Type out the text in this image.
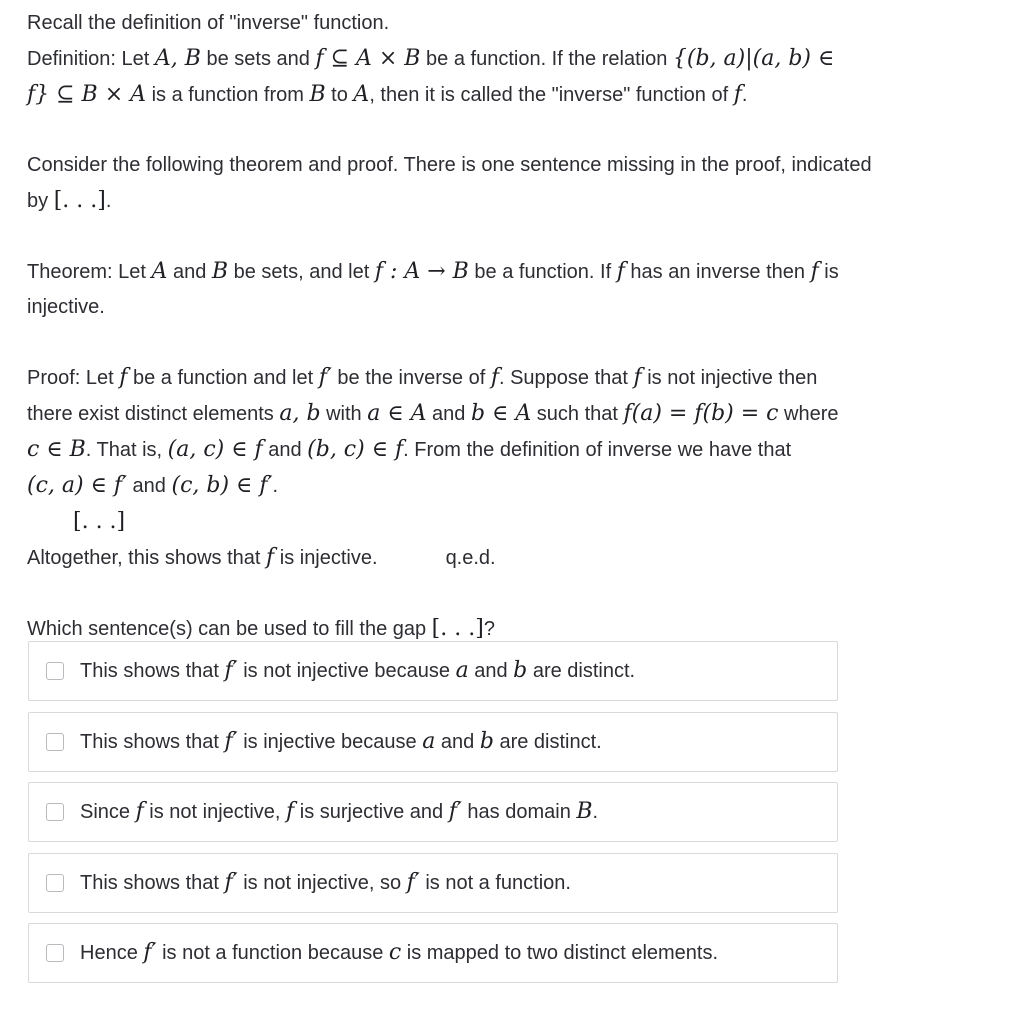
Recall the definition of "inverse" function.

Definition: Let A, B be sets and f ⊆ A × B be a function. If the relation {(b, a)|(a, b) ∈

f} ⊆ B × A is a function from B to A, then it is called the "inverse" function of f.

Consider the following theorem and proof. There is one sentence missing in the proof, indicated

by [. . .].

Theorem: Let A and B be sets, and let f : A → B be a function. If f has an inverse then f is

injective.

Proof: Let f be a function and let f′ be the inverse of f. Suppose that f is not injective then

there exist distinct elements a, b with a ∈ A and b ∈ A such that f(a) = f(b) = c where

c ∈ B. That is, (a, c) ∈ f and (b, c) ∈ f. From the definition of inverse we have that

(c, a) ∈ f′ and (c, b) ∈ f′.

[. . .]

Altogether, this shows that f is injective.	q.e.d.

Which sentence(s) can be used to fill the gap [. . .]?

This shows that f′ is not injective because a and b are distinct.
This shows that f′ is injective because a and b are distinct.
Since f is not injective, f is surjective and f′ has domain B.
This shows that f′ is not injective, so f′ is not a function.
Hence f′ is not a function because c is mapped to two distinct elements.
